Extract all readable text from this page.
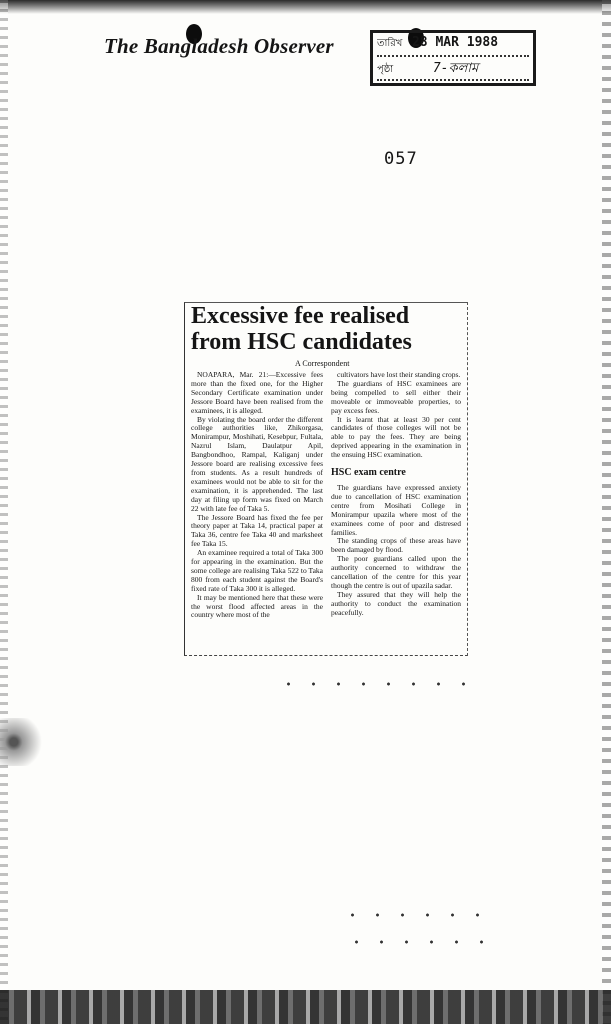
The Bangladesh Observer	তারিখ 28 MAR 1988
পৃষ্ঠা	7-কলাম
057
Excessive fee realised
from HSC candidates
A Correspondent

NOAPARA, Mar. 21:—Excessive fees more than the fixed one, for the Higher Secondary Certificate examination under Jessore Board have been realised from the examinees, it is alleged.

By violating the board order the different college authorities like, Zhikorgasa, Monirampur, Moshihati, Kesebpur, Fultala, Nazrul Islam, Daulatpur Apil, Bangbondhoo, Rampal, Kaliganj under Jessore board are realising excessive fees from students. As a result hundreds of examinees would not be able to sit for the examination, it is apprehended. The last day at filing up form was fixed on March 22 with late fee of Taka 5.

The Jessore Board has fixed the fee per theory paper at Taka 14, practical paper at Taka 36, centre fee Taka 40 and marksheet fee Taka 15.

An examinee required a total of Taka 300 for appearing in the examination. But the some college are realising Taka 522 to Taka 800 from each student against the Board's fixed rate of Taka 300 it is alleged.

It may be mentioned here that these were the worst flood affected areas in the country where most of the

cultivators have lost their standing crops.

The guardians of HSC examinees are being compelled to sell either their moveable or immoveable properties, to pay excess fees.

It is learnt that at least 30 per cent candidates of those colleges will not be able to pay the fees. They are being deprived appearing in the examination in the ensuing HSC examination.

HSC exam centre

The guardians have expressed anxiety due to cancellation of HSC examination centre from Mosihati College in Monirampur upazila where most of the examinees come of poor and distresed families.

The standing crops of these areas have been damaged by flood.

The poor guardians called upon the authority concerned to withdraw the cancellation of the centre for this year though the centre is out of upazila sadar.

They assured that they will help the authority to conduct the examination peacefully.
